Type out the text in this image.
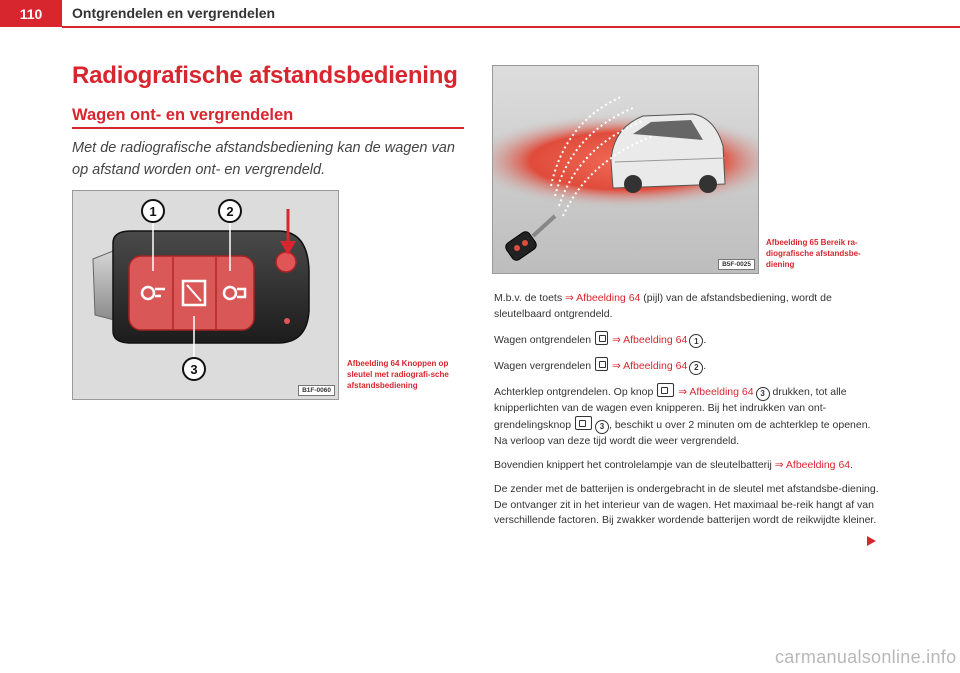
110	Ontgrendelen en vergrendelen
Radiografische afstandsbediening
Wagen ont- en vergrendelen
Met de radiografische afstandsbediening kan de wagen van op afstand worden ont- en vergrendeld.
1	2
3
B1F-0060
Afbeelding 64 Knoppen op sleutel met radiografi-sche afstandsbediening
B5F-0025
Afbeelding 65 Bereik ra-diografische afstandsbe-diening

M.b.v. de toets ⇒ Afbeelding 64 (pijl) van de afstandsbediening, wordt de sleutelbaard ontgrendeld.

Wagen ontgrendelen  ⇒ Afbeelding 64 1 .

Wagen vergrendelen  ⇒ Afbeelding 64 2 .

Achterklep ontgrendelen. Op knop  ⇒ Afbeelding 64 3 drukken, tot alle knipperlichten van de wagen even knipperen. Bij het indrukken van ont-grendelingsknop	3 , beschikt u over 2 minuten om de achterklep te openen. Na verloop van deze tijd wordt die weer vergrendeld.

Bovendien knippert het controlelampje van de sleutelbatterij ⇒ Afbeelding 64.

De zender met de batterijen is ondergebracht in de sleutel met afstandsbe-diening. De ontvanger zit in het interieur van de wagen. Het maximaal be-reik hangt af van verschillende factoren. Bij zwakker wordende batterijen wordt de reikwijdte kleiner.

carmanualsonline.info
